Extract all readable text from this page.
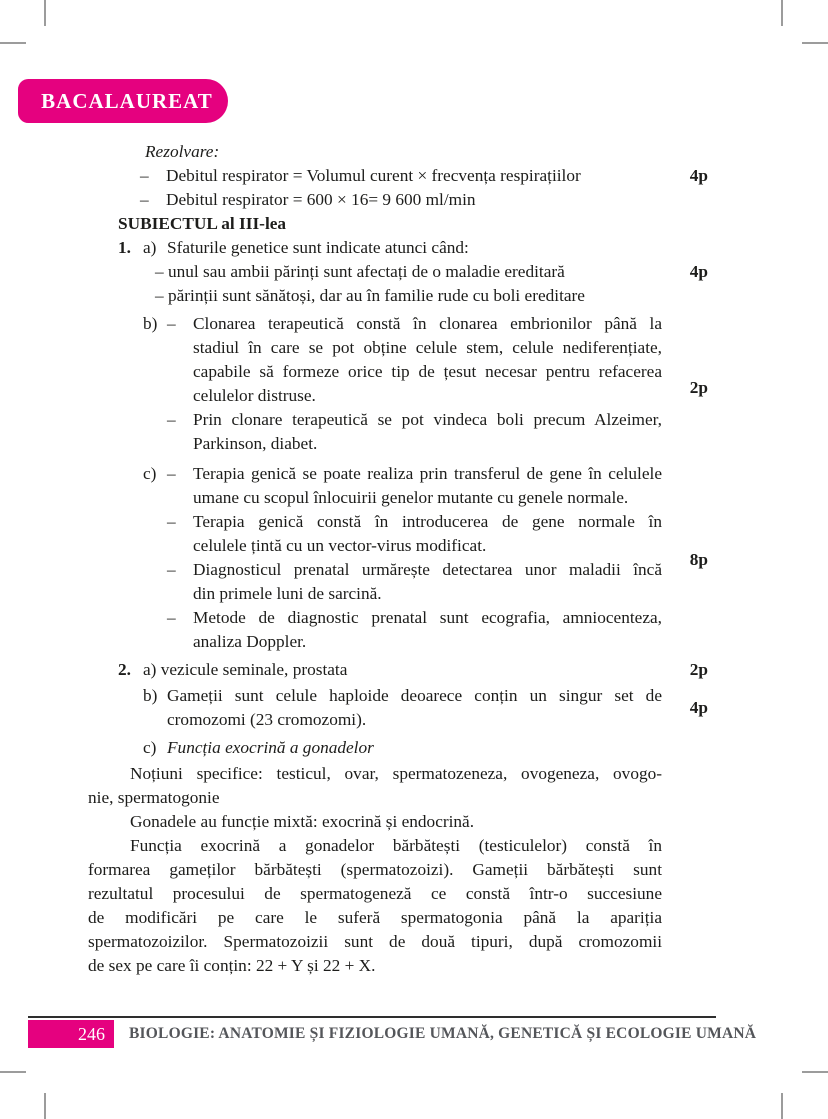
BACALAUREAT
Rezolvare:
–	Debitul respirator = Volumul curent × frecvența respirațiilor	4p
–	Debitul respirator = 600 × 16= 9 600 ml/min
SUBIECTUL al III-lea
1. a) Sfaturile genetice sunt indicate atunci când:
– unul sau ambii părinți sunt afectați de o maladie ereditară	4p
– părinții sunt sănătoși, dar au în familie rude cu boli ereditare
b) –	Clonarea terapeutică constă în clonarea embrionilor până la
stadiul în care se pot obține celule stem, celule nediferențiate,
capabile să formeze orice tip de țesut necesar pentru refacerea
celulelor distruse.
–	Prin clonare terapeutică se pot vindeca boli precum Alzeimer,
Parkinson, diabet.
2p
c) –	Terapia genică se poate realiza prin transferul de gene în celulele
umane cu scopul înlocuirii genelor mutante cu genele normale.
–	Terapia genică constă în introducerea de gene normale în
celulele țintă cu un vector-virus modificat.
–	Diagnosticul prenatal urmărește detectarea unor maladii încă
din primele luni de sarcină.
–	Metode de diagnostic prenatal sunt ecografia, amniocenteza,
analiza Doppler.
8p
2. a) vezicule seminale, prostata	2p
b) Gameții sunt celule haploide deoarece conțin un singur set de
cromozomi (23 cromozomi).
4p
c) Funcția exocrină a gonadelor
Noțiuni specifice: testicul, ovar, spermatozeneza, ovogeneza, ovogo-
nie, spermatogonie
Gonadele au funcție mixtă: exocrină și endocrină.
Funcția exocrină a gonadelor bărbătești (testiculelor) constă în
formarea gameților bărbătești (spermatozoizi). Gameții bărbătești sunt
rezultatul procesului de spermatogeneză ce constă într-o succesiune
de modificări pe care le suferă spermatogonia până la apariția
spermatozoizilor. Spermatozoizii sunt de două tipuri, după cromozomii
de sex pe care îi conțin: 22 + Y și 22 + X.
246 BIOLOGIE: ANATOMIE ȘI FIZIOLOGIE UMANĂ, GENETICĂ ȘI ECOLOGIE UMANĂ
